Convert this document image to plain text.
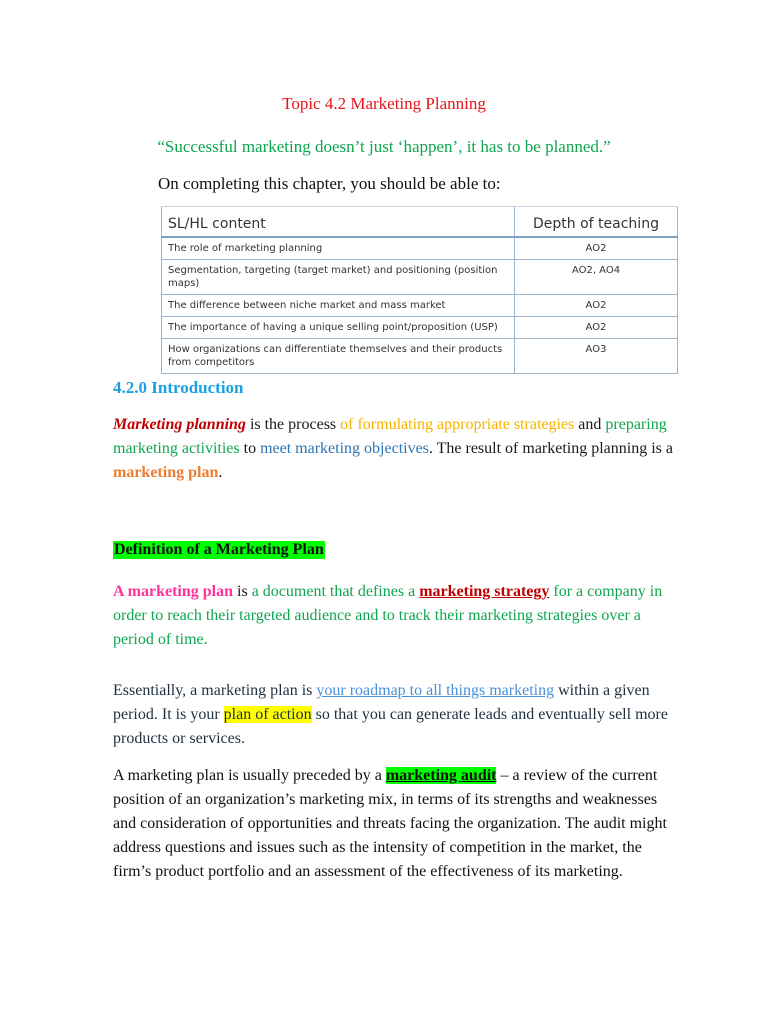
Topic 4.2 Marketing Planning
“Successful marketing doesn’t just ‘happen’, it has to be planned.”
On completing this chapter, you should be able to:
SL/HL content	Depth of teaching
The role of marketing planning	AO2
Segmentation, targeting (target market) and positioning (position maps)	AO2, AO4
The difference between niche market and mass market	AO2
The importance of having a unique selling point/proposition (USP)	AO2
How organizations can differentiate themselves and their products from competitors	AO3
4.2.0 Introduction

Marketing planning is the process of formulating appropriate strategies and preparing marketing activities to meet marketing objectives. The result of marketing planning is a marketing plan.

Definition of a Marketing Plan

A marketing plan is a document that defines a marketing strategy for a company in order to reach their targeted audience and to track their marketing strategies over a period of time.

Essentially, a marketing plan is your roadmap to all things marketing within a given period. It is your plan of action so that you can generate leads and eventually sell more products or services.

A marketing plan is usually preceded by a marketing audit – a review of the current position of an organization’s marketing mix, in terms of its strengths and weaknesses and consideration of opportunities and threats facing the organization. The audit might address questions and issues such as the intensity of competition in the market, the firm’s product portfolio and an assessment of the effectiveness of its marketing.
